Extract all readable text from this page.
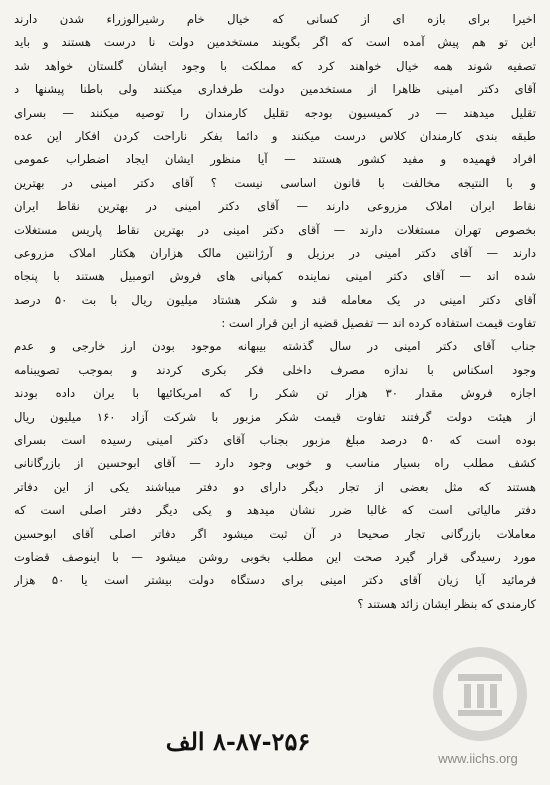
اخیرا برای بازه ای از کسانی که خیال خام رشیرالوزراء شدن دارند
این تو هم پیش آمده است که اگر بگویند مستخدمین دولت نا درست هستند و باید
تصفیه شوند همه خیال خواهند کرد که مملکت با وجود ایشان گلستان خواهد شد
آقای دکتر امینی ظاهرا از مستخدمین دولت طرفداری میکنند ولی باطنا پیشنها د
تقلیل میدهند — در کمیسیون بودجه تقلیل کارمندان را توصیه میکنند — بسرای
طبقه بندی کارمندان کلاس درست میکنند و دائما بفکر ناراحت کردن افکار این عده
افراد فهمیده و مفید کشور هستند — آیا منظور ایشان ایجاد اضطراب عمومی
و با النتیجه مخالفت با قانون اساسی نیست ؟ آقای دکتر امینی در بهترین
نقاط ایران املاک مزروعی دارند — آقای دکتر امینی در بهترین نقاط ایران
بخصوص تهران مستغلات دارند — آقای دکتر امینی در بهترین نقاط پاریس مستغلات
دارند — آقای دکتر امینی در برزیل و آرژانتین مالک هزاران هکتار املاک مزروعی
شده اند — آقای دکتر امینی نماینده کمپانی های فروش اتومبیل هستند با پنجاه
آقای دکتر امینی در یک معامله قند و شکر هشتاد میلیون ریال با بت ۵۰ درصد
تفاوت قیمت استفاده کرده اند — تفصیل قضیه از این قرار است :
جناب آقای دکتر امینی در سال گذشته بیبهانه موجود بودن ارز خارجی و عدم
وجود اسکناس با ندازه مصرف داخلی فکر بکری کردند و بموجب تصویبنامه
اجازه فروش مقدار ۳۰ هزار تن شکر را که امریکائیها با یران داده بودند
از هیئت دولت گرفتند تفاوت قیمت شکر مزبور با شرکت آزاد ۱۶۰ میلیون ریال
بوده است که ۵۰ درصد مبلغ مزبور بجناب آقای دکتر امینی رسیده است بسرای
کشف مطلب راه بسیار مناسب و خوبی وجود دارد — آقای ابوحسین از بازرگانانی
هستند که مثل بعضی از تجار دیگر دارای دو دفتر میباشند یکی از این دفاتر
دفتر مالیاتی است که غالبا ضرر نشان میدهد و یکی دیگر دفتر اصلی است که
معاملات بازرگانی تجار صحیحا در آن ثبت میشود اگر دفاتر اصلی آقای ابوحسین
مورد رسیدگی قرار گیرد صحت این مطلب بخوبی روشن میشود — با اینوصف قضاوت
فرمائید آیا زیان آقای دکتر امینی برای دستگاه دولت بیشتر است یا ۵۰ هزار
کارمندی که بنظر ایشان زائد هستند ؟
۸-۸۷-۲۵۶ الف
www.iichs.org
